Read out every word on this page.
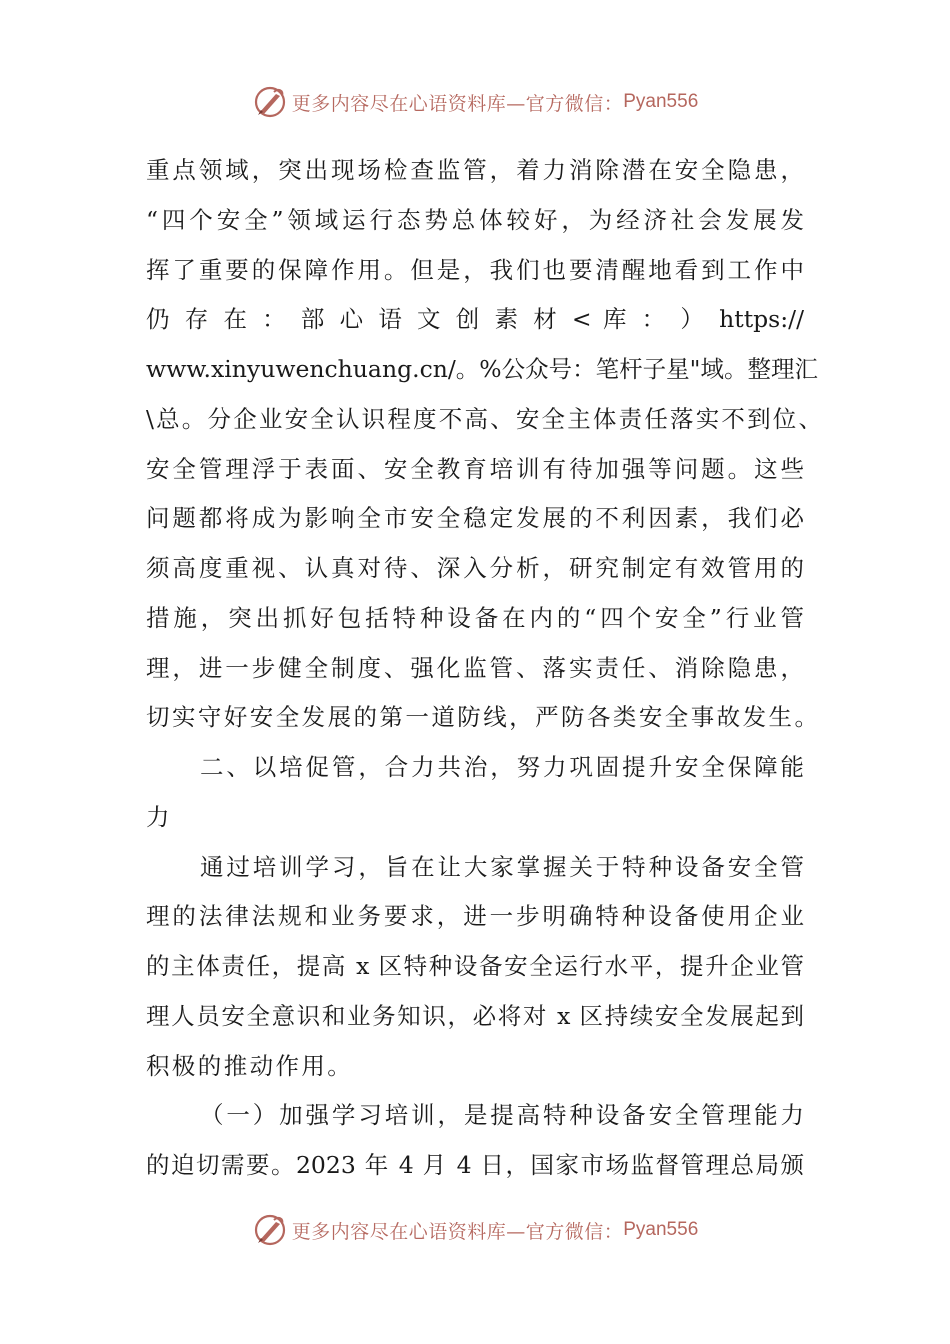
更多内容尽在心语资料库—官方微信： Pyan556
重点领域，突出现场检查监管，着力消除潜在安全隐患，
“四个安全”领域运行态势总体较好，为经济社会发展发
挥了重要的保障作用。但是，我们也要清醒地看到工作中
仍 存 在 ： 部 心 语 文 创 素 材 < 库 ： ） https://
www.xinyuwenchuang.cn/。%公众号：笔杆子星"域。整理汇
\总。分企业安全认识程度不高、安全主体责任落实不到位、
安全管理浮于表面、安全教育培训有待加强等问题。这些
问题都将成为影响全市安全稳定发展的不利因素，我们必
须高度重视、认真对待、深入分析，研究制定有效管用的
措施，突出抓好包括特种设备在内的“四个安全”行业管
理，进一步健全制度、强化监管、落实责任、消除隐患，
切实守好安全发展的第一道防线，严防各类安全事故发生。
二、以培促管，合力共治，努力巩固提升安全保障能
力
通过培训学习，旨在让大家掌握关于特种设备安全管
理的法律法规和业务要求，进一步明确特种设备使用企业
的主体责任，提高 x 区特种设备安全运行水平，提升企业管
理人员安全意识和业务知识，必将对 x 区持续安全发展起到
积极的推动作用。
（一）加强学习培训，是提高特种设备安全管理能力
的迫切需要。2023 年 4 月 4 日，国家市场监督管理总局颁
更多内容尽在心语资料库—官方微信： Pyan556
